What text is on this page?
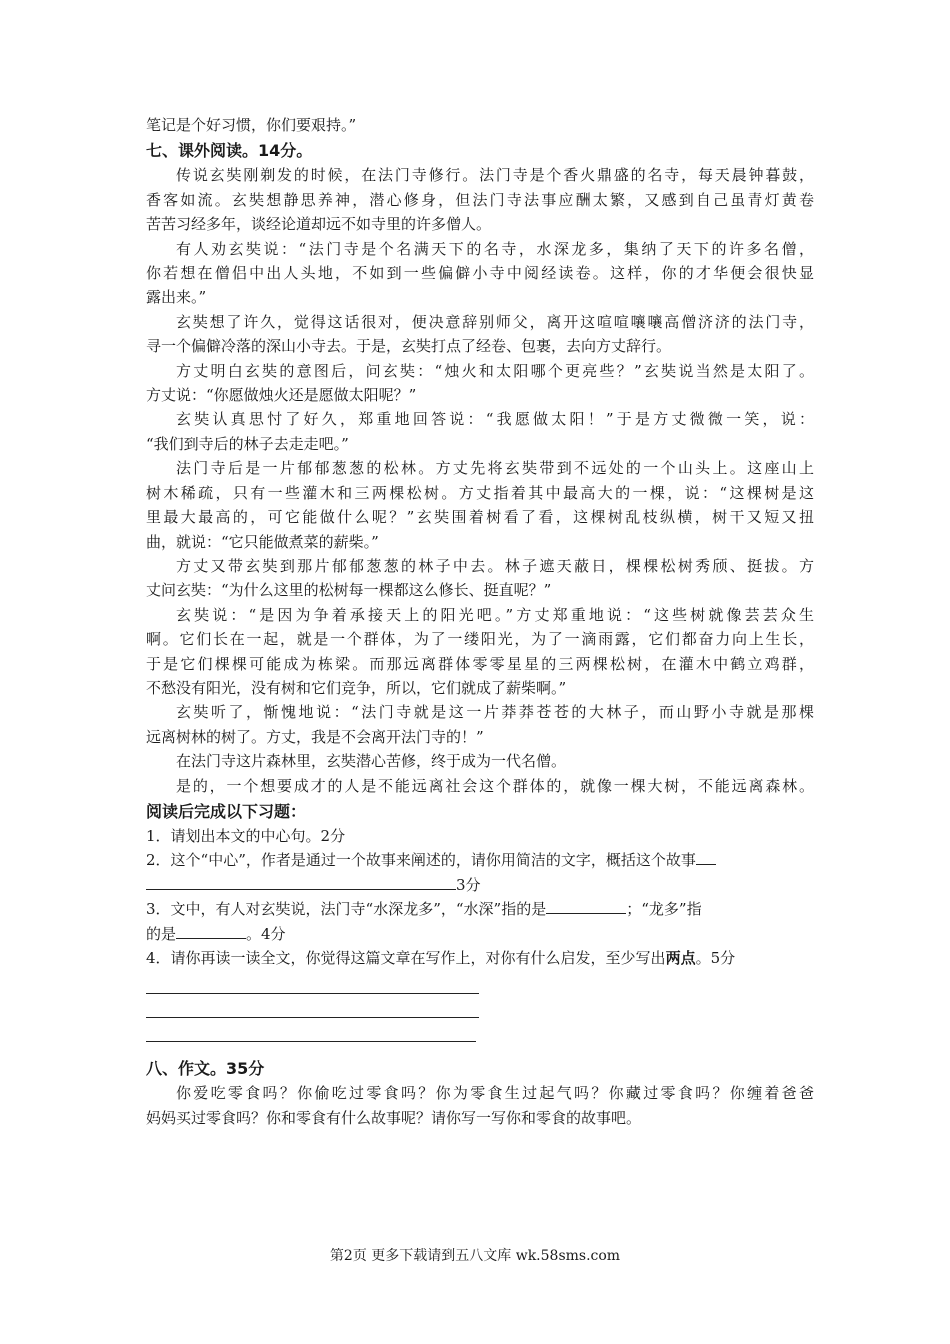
笔记是个好习惯，你们要艰持。”
七、课外阅读。14分。
传说玄奘刚剃发的时候，在法门寺修行。法门寺是个香火鼎盛的名寺，每天晨钟暮鼓，
香客如流。玄奘想静思养神，潜心修身，但法门寺法事应酬太繁，又感到自己虽青灯黄卷
苦苦习经多年，谈经论道却远不如寺里的许多僧人。
有人劝玄奘说：“法门寺是个名满天下的名寺，水深龙多，集纳了天下的许多名僧，
你若想在僧侣中出人头地，不如到一些偏僻小寺中阅经读卷。这样，你的才华便会很快显
露出来。”
玄奘想了许久，觉得这话很对，便决意辞别师父，离开这喧喧嚷嚷高僧济济的法门寺，
寻一个偏僻冷落的深山小寺去。于是，玄奘打点了经卷、包裹，去向方丈辞行。
方丈明白玄奘的意图后，问玄奘：“烛火和太阳哪个更亮些？”玄奘说当然是太阳了。
方丈说：“你愿做烛火还是愿做太阳呢？”
玄奘认真思忖了好久，郑重地回答说：“我愿做太阳！”于是方丈微微一笑，说：
“我们到寺后的林子去走走吧。”
法门寺后是一片郁郁葱葱的松林。方丈先将玄奘带到不远处的一个山头上。这座山上
树木稀疏，只有一些灌木和三两棵松树。方丈指着其中最高大的一棵，说：“这棵树是这
里最大最高的，可它能做什么呢？”玄奘围着树看了看，这棵树乱枝纵横，树干又短又扭
曲，就说：“它只能做煮菜的薪柴。”
方丈又带玄奘到那片郁郁葱葱的林子中去。林子遮天蔽日，棵棵松树秀颀、挺拔。方
丈问玄奘：“为什么这里的松树每一棵都这么修长、挺直呢？”
玄奘说：“是因为争着承接天上的阳光吧。”方丈郑重地说：“这些树就像芸芸众生
啊。它们长在一起，就是一个群体，为了一缕阳光，为了一滴雨露，它们都奋力向上生长，
于是它们棵棵可能成为栋梁。而那远离群体零零星星的三两棵松树，在灌木中鹤立鸡群，
不愁没有阳光，没有树和它们竞争，所以，它们就成了薪柴啊。”
玄奘听了，惭愧地说：“法门寺就是这一片莽莽苍苍的大林子，而山野小寺就是那棵
远离树林的树了。方丈，我是不会离开法门寺的！”
在法门寺这片森林里，玄奘潜心苦修，终于成为一代名僧。
是的，一个想要成才的人是不能远离社会这个群体的，就像一棵大树，不能远离森林。
阅读后完成以下习题：
1．请划出本文的中心句。2分
2．这个“中心”，作者是通过一个故事来阐述的，请你用简洁的文字，概括这个故事
3分
3．文中，有人对玄奘说，法门寺“水深龙多”，“水深”指的是	；“龙多”指
的是	。4分
4．请你再读一读全文，你觉得这篇文章在写作上，对你有什么启发，至少写出两点。5分
八、作文。35分
你爱吃零食吗？你偷吃过零食吗？你为零食生过起气吗？你藏过零食吗？你缠着爸爸
妈妈买过零食吗？你和零食有什么故事呢？请你写一写你和零食的故事吧。
第2页 更多下载请到五八文库 wk.58sms.com
